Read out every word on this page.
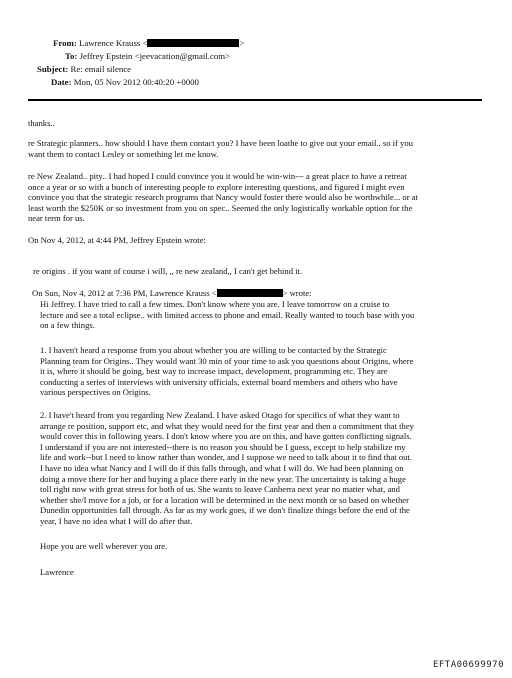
From: Lawrence Krauss <	>
To: Jeffrey Epstein <jeevacation@gmail.com>
Subject: Re: email silence
Date: Mon, 05 Nov 2012 00:40:20 +0000
thanks..
re Strategic planners.. how should I have them contact you? I have been loathe to give out your email.. so if you
want them to contact Lesley or something let me know.
re New Zealand.. pity.. I had hoped I could convince you it would be win-win--- a great place to have a retreat
once a year or so with a bunch of interesting people to explore interesting questions, and figured I might even
convince you that the strategic research programs that Nancy would foster there would also be worthwhile... or at
least worth the $250K or so investment from you on spec.. Seemed the only logistically workable option for the
near term for us.
On Nov 4, 2012, at 4:44 PM, Jeffrey Epstein wrote:
re origins . if you want of course i will, ,, re new zealand,, I can't get behind it.
On Sun, Nov 4, 2012 at 7:36 PM, Lawrence Krauss <	> wrote:
Hi Jeffrey. I have tried to call a few times. Don't know where you are. I leave tomorrow on a cruise to
lecture and see a total eclipse.. with limited access to phone and email. Really wanted to touch base with you
on a few things.
1. I haven't heard a response from you about whether you are willing to be contacted by the Strategic
Planning team for Origins.. They would want 30 min of your time to ask you questions about Origins, where
it is, where it should be going, best way to increase impact, development, programming etc. They are
conducting a series of interviews with university officials, external board members and others who have
various perspectives on Origins.
2. I have't heard from you regarding New Zealand. I have asked Otago for specifics of what they want to
arrange re position, support etc, and what they would need for the first year and then a commitment that they
would cover this in following years. I don't know where you are on this, and have gotten conflicting signals.
I understand if you are not interested--there is no reason you should be I guess, except to help stabilize my
life and work--but I need to know rather than wonder, and I suppose we need to talk about it to find that out.
I have no idea what Nancy and I will do if this falls through, and what I will do. We had been planning on
doing a move there for her and buying a place there early in the new year. The uncertainty is taking a huge
toll right now with great stress for both of us. She wants to leave Canberra next year no matter what, and
whether she/I move for a job, or for a location will be determined in the next month or so based on whether
Dunedin opportunities fall through. As far as my work goes, if we don't finalize things before the end of the
year, I have no idea what I will do after that.
Hope you are well wherever you are.
Lawrence
EFTA00699970
